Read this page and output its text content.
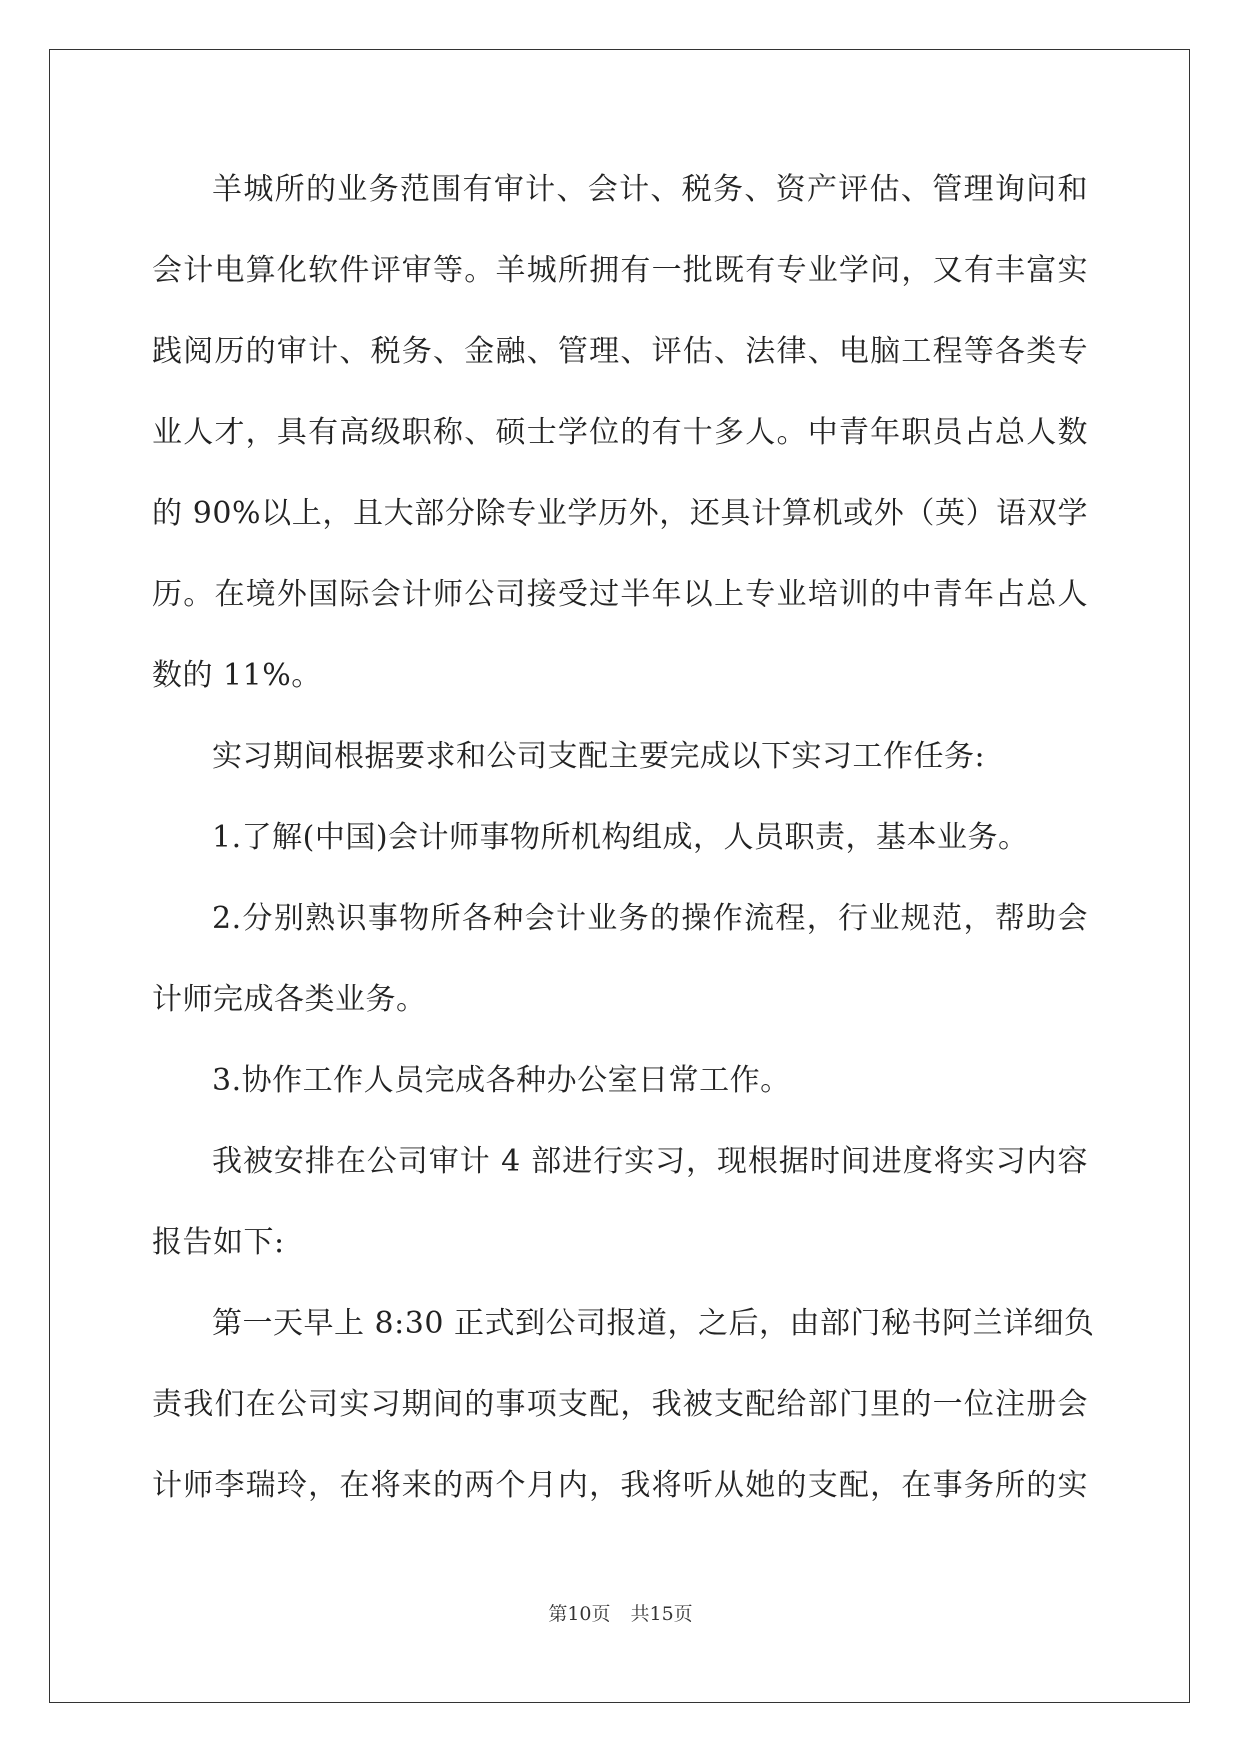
羊城所的业务范围有审计、会计、税务、资产评估、管理询问和
会计电算化软件评审等。羊城所拥有一批既有专业学问，又有丰富实
践阅历的审计、税务、金融、管理、评估、法律、电脑工程等各类专
业人才，具有高级职称、硕士学位的有十多人。中青年职员占总人数
的 90%以上，且大部分除专业学历外，还具计算机或外（英）语双学
历。在境外国际会计师公司接受过半年以上专业培训的中青年占总人
数的 11%。
实习期间根据要求和公司支配主要完成以下实习工作任务:
1.了解(中国)会计师事物所机构组成，人员职责，基本业务。
2.分别熟识事物所各种会计业务的操作流程，行业规范，帮助会
计师完成各类业务。
3.协作工作人员完成各种办公室日常工作。
我被安排在公司审计 4 部进行实习，现根据时间进度将实习内容
报告如下:
第一天早上 8:30 正式到公司报道，之后，由部门秘书阿兰详细负
责我们在公司实习期间的事项支配，我被支配给部门里的一位注册会
计师李瑞玲，在将来的两个月内，我将听从她的支配，在事务所的实
第10页 共15页
